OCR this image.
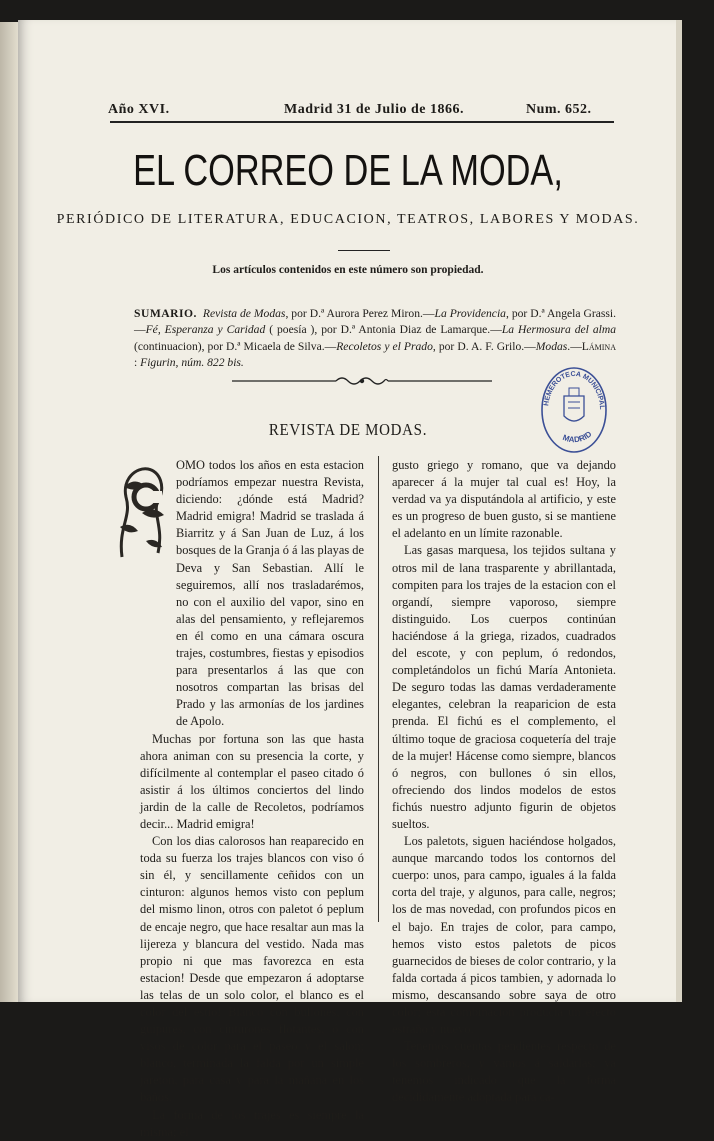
Año XVI.	Madrid 31 de Julio de 1866.	Num. 652.
EL CORREO DE LA MODA,
PERIÓDICO DE LITERATURA, EDUCACION, TEATROS, LABORES Y MODAS.
Los artículos contenidos en este número son propiedad.
SUMARIO. Revista de Modas, por D.ª Aurora Perez Miron.—La Providencia, por D.ª Angela Grassi.—Fé, Esperanza y Caridad ( poesía ), por D.ª Antonia Diaz de Lamarque.—La Hermosura del alma (continuacion), por D.ª Micaela de Silva.—Recoletos y el Prado, por D. A. F. Grilo.—Modas.—Lámina : Figurin, núm. 822 bis.
HEMEROTECA MUNICIPAL
MADRID
REVISTA DE MODAS.

OMO todos los años en esta estacion podríamos empezar nuestra Revista, diciendo: ¿dónde está Madrid? Madrid emigra! Madrid se traslada á Biarritz y á San Juan de Luz, á los bosques de la Granja ó á las playas de Deva y San Sebastian. Allí le seguiremos, allí nos trasladarémos, no con el auxilio del vapor, sino en alas del pensamiento, y reflejaremos en él como en una cámara oscura trajes, costumbres, fiestas y episodios para presentarlos á las que con nosotros compartan las brisas del Prado y las armonías de los jardines de Apolo.

Muchas por fortuna son las que hasta ahora animan con su presencia la corte, y difícilmente al contemplar el paseo citado ó asistir á los últimos conciertos del lindo jardin de la calle de Recoletos, podríamos decir... Madrid emigra!

Con los dias calorosos han reaparecido en toda su fuerza los trajes blancos con viso ó sin él, y sencillamente ceñidos con un cinturon: algunos hemos visto con peplum del mismo linon, otros con paletot ó peplum de encaje negro, que hace resaltar aun mas la lijereza y blancura del vestido. Nada mas propio ni que mas favorezca en esta estacion! Desde que empezaron á adoptarse las telas de un solo color, el blanco es el color del estío! Blanco con bullones, con guipures, con cinturones flotantes, ó con visos de color para el paseo y el salon; blanco, terminada la falda por un simple jareton, para casa y para la mañana en los baños.

La forma de los trajes es siempre la misma; el

gusto griego y romano, que va dejando aparecer á la mujer tal cual es! Hoy, la verdad va ya disputándola al artificio, y este es un progreso de buen gusto, si se mantiene el adelanto en un límite razonable.

Las gasas marquesa, los tejidos sultana y otros mil de lana trasparente y abrillantada, compiten para los trajes de la estacion con el organdí, siempre vaporoso, siempre distinguido. Los cuerpos continúan haciéndose á la griega, rizados, cuadrados del escote, y con peplum, ó redondos, completándolos un fichú María Antonieta. De seguro todas las damas verdaderamente elegantes, celebran la reaparicion de esta prenda. El fichú es el complemento, el último toque de graciosa coquetería del traje de la mujer! Hácense como siempre, blancos ó negros, con bullones ó sin ellos, ofreciendo dos lindos modelos de estos fichús nuestro adjunto figurin de objetos sueltos.

Los paletots, siguen haciéndose holgados, aunque marcando todos los contornos del cuerpo: unos, para campo, iguales á la falda corta del traje, y algunos, para calle, negros; los de mas novedad, con profundos picos en el bajo. En trajes de color, para campo, hemos visto estos paletots de picos guarnecidos de bieses de color contrario, y la falda cortada á picos tambien, y adornada lo mismo, descansando sobre saya de otro color; esta combinacion producía un efecto estraño y nuevo.

Tenemos cuentas pendientes respecto de los sombreros, y vamos á saldarlas; ya tenemos indicado que la forma decididamente adoptada para ca-
